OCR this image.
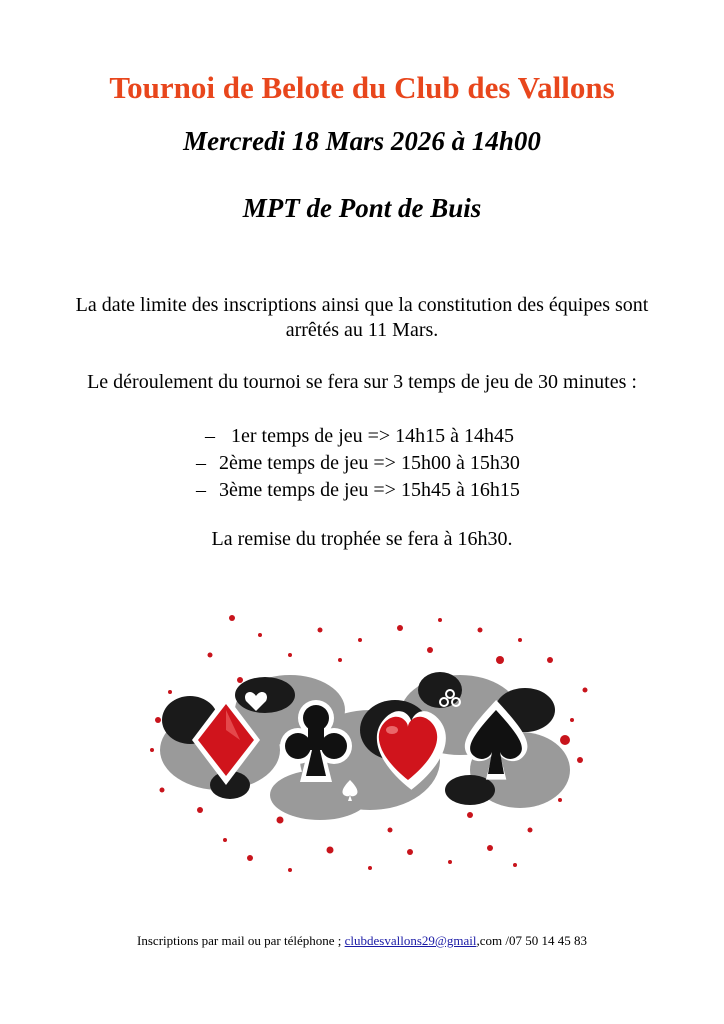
Tournoi de Belote du Club des Vallons
Mercredi 18 Mars 2026 à 14h00
MPT de Pont de Buis
La date limite des inscriptions ainsi que la constitution des équipes sont arrêtés au 11 Mars.
Le déroulement du tournoi se fera sur 3 temps de jeu de 30 minutes :
– 1er temps de jeu => 14h15 à 14h45
– 2ème temps de jeu => 15h00 à 15h30
– 3ème temps de jeu => 15h45 à 16h15
La remise du trophée se fera à 16h30.
Inscriptions par mail ou par téléphone ; clubdesvallons29@gmail,com /07 50 14 45 83
